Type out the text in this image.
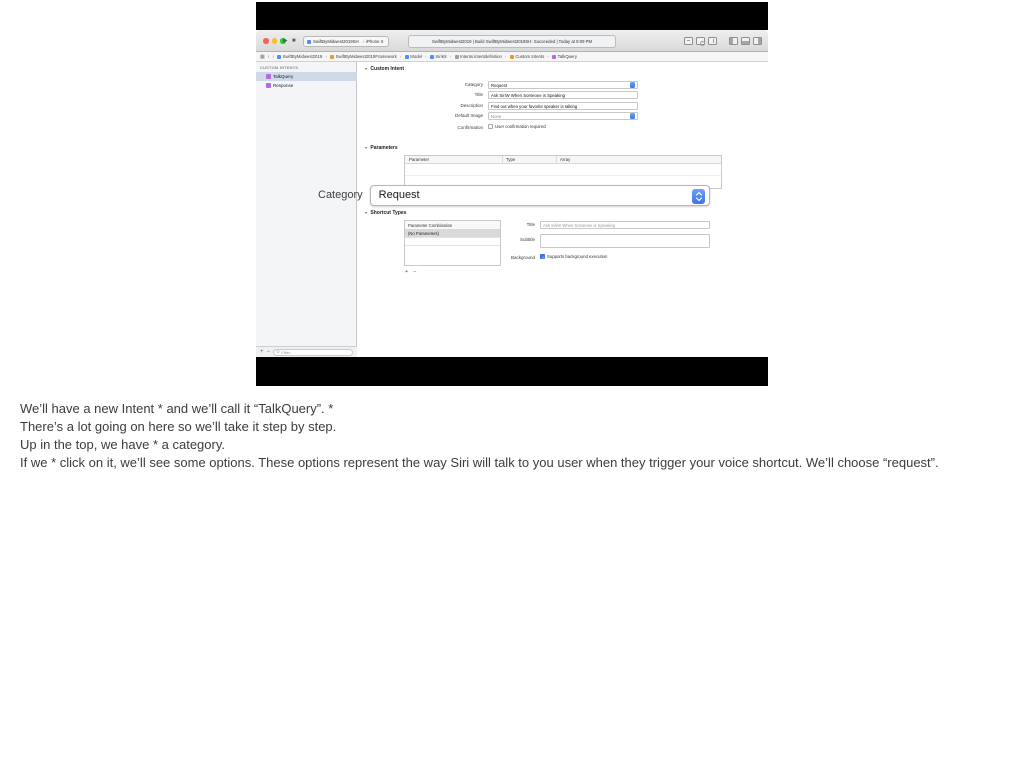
▶
■
SwiftByMidwest2019SH	› iPhone X	SwiftByMidwest2019 | Build SwiftByMidwest2019SH: Succeeded | Today at 9:09 PM
▦
‹
›
SwiftByMidwest2019	› SwiftByMidwest2019Framework	› Model	› SiriKit	› Intents.intentdefinition	› Custom Intents	› TalkQuery
CUSTOM INTENTS
TalkQuery
Response
+ − ⊙	Filter
▾ Custom Intent
Category Request
Title Ask SiriW When Someone is Speaking
Description Find out when your favorite speaker is talking
Default Image None
Confirmation	User confirmation required
▾ Parameters
Parameter	Type	Array
▾ Shortcut Types
Parameter Combination
(No Parameters)
+ −
Title Ask SiriW When Someone is Speaking
Subtitle
Background ✓	Supports background execution
Category Request

We’ll have a new Intent * and we’ll call it “TalkQuery”. *

There’s a lot going on here so we’ll take it step by step.

Up in the top, we have * a category.

If we * click on it, we’ll see some options. These options represent the way Siri will talk to you user when they trigger your voice shortcut. We’ll choose “request”.
